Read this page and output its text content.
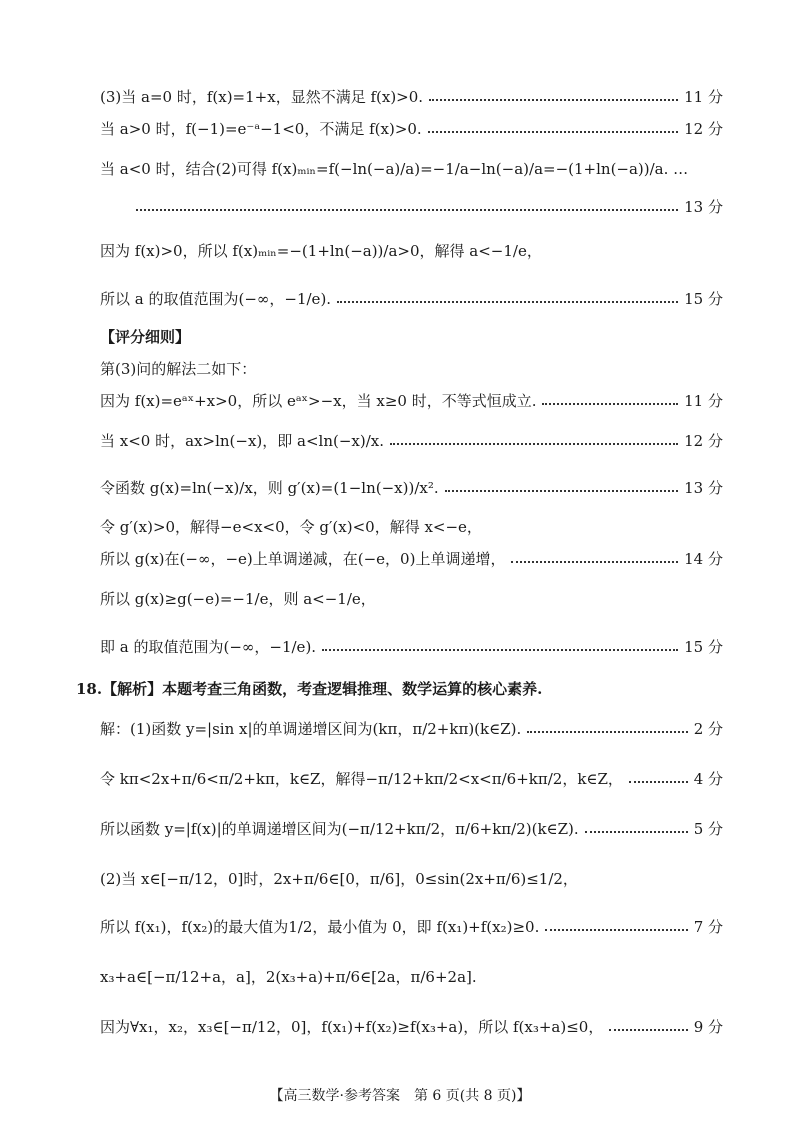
(3)当 a=0 时，f(x)=1+x，显然不满足 f(x)>0.	11 分
当 a>0 时，f(−1)=e⁻ᵃ−1<0，不满足 f(x)>0.	12 分
当 a<0 时，结合(2)可得 f(x)ₘᵢₙ=f(−ln(−a)/a)=−1/a−ln(−a)/a=−(1+ln(−a))/a. …
13 分
因为 f(x)>0，所以 f(x)ₘᵢₙ=−(1+ln(−a))/a>0，解得 a<−1/e，
所以 a 的取值范围为(−∞，−1/e).	15 分
【评分细则】
第(3)问的解法二如下：
因为 f(x)=eᵃˣ+x>0，所以 eᵃˣ>−x，当 x≥0 时，不等式恒成立.	11 分
当 x<0 时，ax>ln(−x)，即 a<ln(−x)/x.	12 分
令函数 g(x)=ln(−x)/x，则 g′(x)=(1−ln(−x))/x².	13 分
令 g′(x)>0，解得−e<x<0，令 g′(x)<0，解得 x<−e，
所以 g(x)在(−∞，−e)上单调递减，在(−e，0)上单调递增，	14 分
所以 g(x)≥g(−e)=−1/e，则 a<−1/e，
即 a 的取值范围为(−∞，−1/e).	15 分
18.【解析】本题考查三角函数，考查逻辑推理、数学运算的核心素养.
解：(1)函数 y=|sin x|的单调递增区间为(kπ，π/2+kπ)(k∈Z).	2 分
令 kπ<2x+π/6<π/2+kπ，k∈Z，解得−π/12+kπ/2<x<π/6+kπ/2，k∈Z，	4 分
所以函数 y=|f(x)|的单调递增区间为(−π/12+kπ/2，π/6+kπ/2)(k∈Z).	5 分
(2)当 x∈[−π/12，0]时，2x+π/6∈[0，π/6]，0≤sin(2x+π/6)≤1/2，
所以 f(x₁)，f(x₂)的最大值为1/2，最小值为 0，即 f(x₁)+f(x₂)≥0.	7 分
x₃+a∈[−π/12+a，a]，2(x₃+a)+π/6∈[2a，π/6+2a].
因为∀x₁，x₂，x₃∈[−π/12，0]，f(x₁)+f(x₂)≥f(x₃+a)，所以 f(x₃+a)≤0，	9 分
【高三数学·参考答案　第 6 页(共 8 页)】
